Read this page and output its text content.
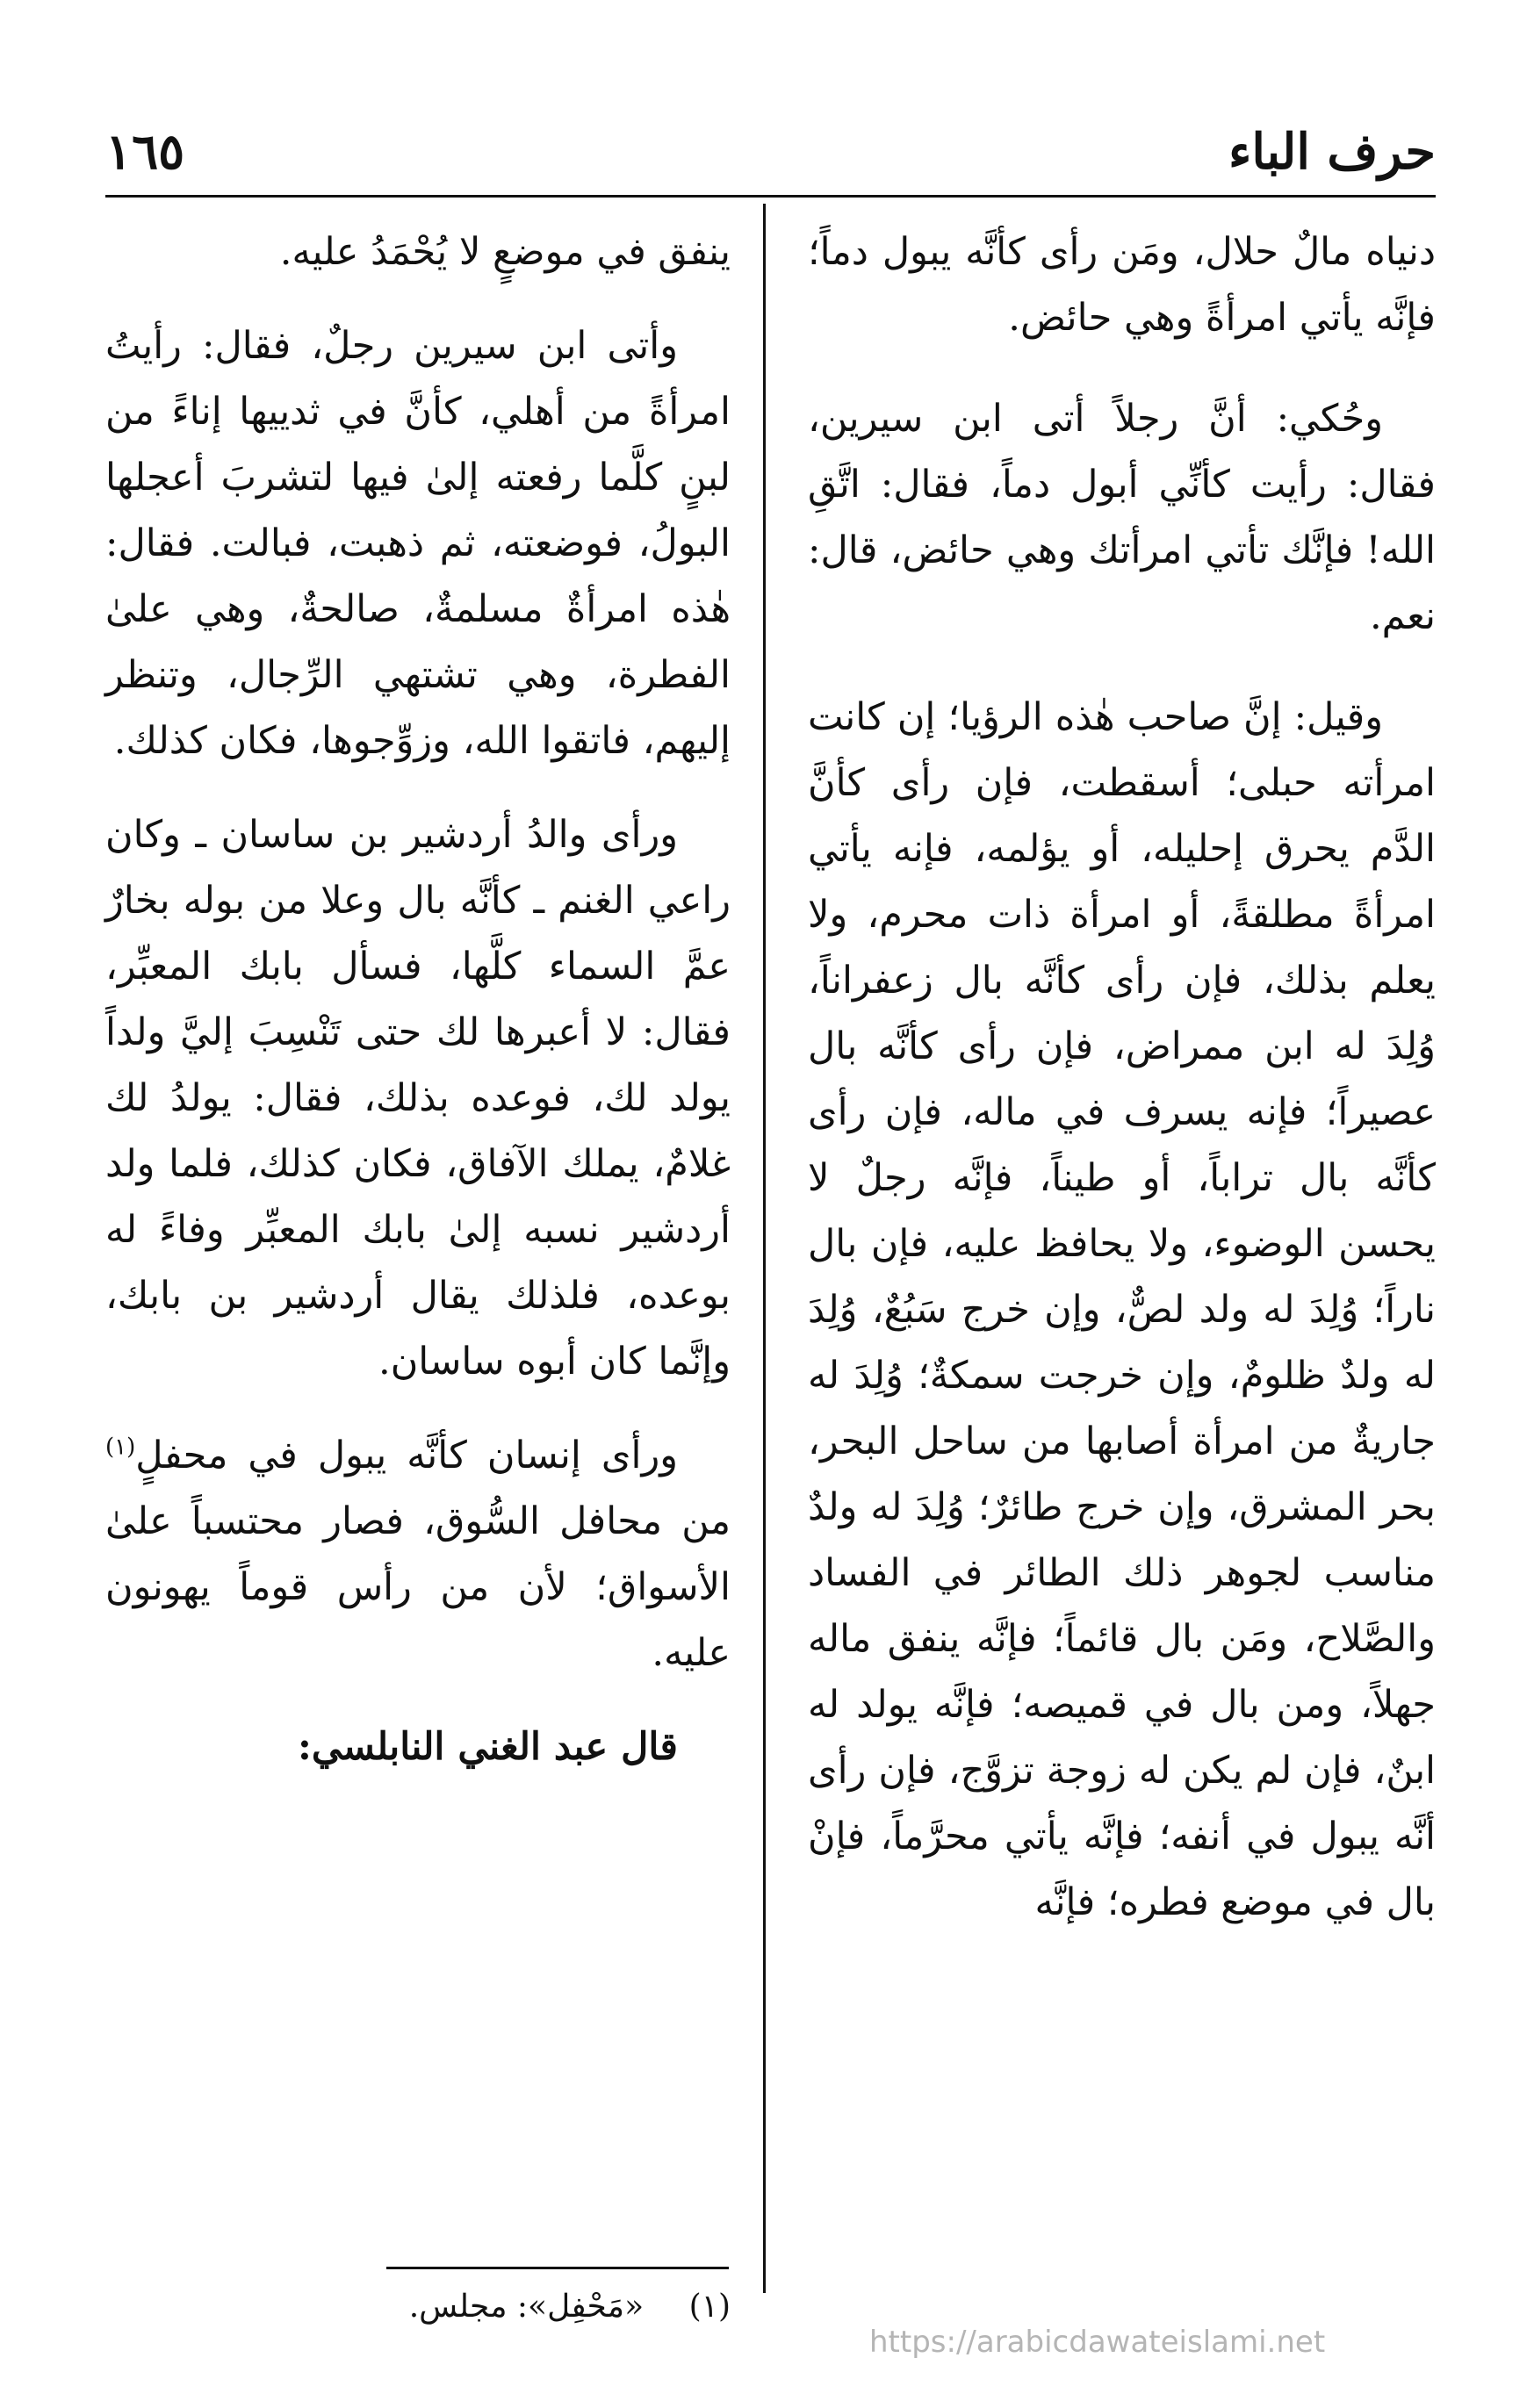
حرف الباء
١٦٥

دنياه مالٌ حلال، ومَن رأى كأنَّه يبول دماً؛ فإنَّه يأتي امرأةً وهي حائض.

وحُكي: أنَّ رجلاً أتى ابن سيرين، فقال: رأيت كأنِّي أبول دماً، فقال: اتَّقِ الله! فإنَّك تأتي امرأتك وهي حائض، قال: نعم.

وقيل: إنَّ صاحب هٰذه الرؤيا؛ إن كانت امرأته حبلى؛ أسقطت، فإن رأى كأنَّ الدَّم يحرق إحليله، أو يؤلمه، فإنه يأتي امرأةً مطلقةً، أو امرأة ذات محرم، ولا يعلم بذلك، فإن رأى كأنَّه بال زعفراناً، وُلِدَ له ابن ممراض، فإن رأى كأنَّه بال عصيراً؛ فإنه يسرف في ماله، فإن رأى كأنَّه بال تراباً، أو طيناً، فإنَّه رجلٌ لا يحسن الوضوء، ولا يحافظ عليه، فإن بال ناراً؛ وُلِدَ له ولد لصٌّ، وإن خرج سَبُعٌ، وُلِدَ له ولدٌ ظلومٌ، وإن خرجت سمكةٌ؛ وُلِدَ له جاريةٌ من امرأة أصابها من ساحل البحر، بحر المشرق، وإن خرج طائرٌ؛ وُلِدَ له ولدٌ مناسب لجوهر ذلك الطائر في الفساد والصَّلاح، ومَن بال قائماً؛ فإنَّه ينفق ماله جهلاً، ومن بال في قميصه؛ فإنَّه يولد له ابنٌ، فإن لم يكن له زوجة تزوَّج، فإن رأى أنَّه يبول في أنفه؛ فإنَّه يأتي محرَّماً، فإنْ بال في موضع فطره؛ فإنَّه

ينفق في موضعٍ لا يُحْمَدُ عليه.

وأتى ابن سيرين رجلٌ، فقال: رأيتُ امرأةً من أهلي، كأنَّ في ثدييها إناءً من لبنٍ كلَّما رفعته إلىٰ فيها لتشربَ أعجلها البولُ، فوضعته، ثم ذهبت، فبالت. فقال: هٰذه امرأةٌ مسلمةٌ، صالحةٌ، وهي علىٰ الفطرة، وهي تشتهي الرِّجال، وتنظر إليهم، فاتقوا الله، وزوِّجوها، فكان كذلك.

ورأى والدُ أردشير بن ساسان ـ وكان راعي الغنم ـ كأنَّه بال وعلا من بوله بخارٌ عمَّ السماء كلَّها، فسأل بابك المعبِّر، فقال: لا أعبرها لك حتى تَنْسِبَ إليَّ ولداً يولد لك، فوعده بذلك، فقال: يولدُ لك غلامٌ، يملك الآفاق، فكان كذلك، فلما ولد أردشير نسبه إلىٰ بابك المعبِّر وفاءً له بوعده، فلذلك يقال أردشير بن بابك، وإنَّما كان أبوه ساسان.

ورأى إنسان كأنَّه يبول في محفلٍ$^{(١)}$ من محافل السُّوق، فصار محتسباً علىٰ الأسواق؛ لأن من رأس قوماً يهونون عليه.

قال عبد الغني النابلسي:

(١) «مَحْفِل»: مجلس.
https://arabicdawateislami.net
